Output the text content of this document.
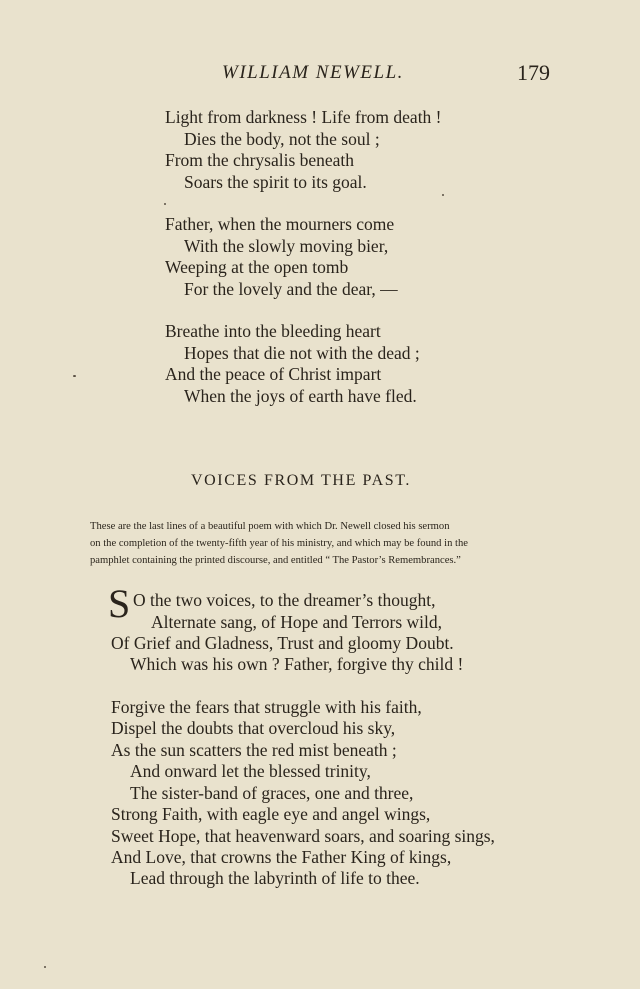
WILLIAM NEWELL.	179
Light from darkness ! Life from death !
Dies the body, not the soul ;
From the chrysalis beneath
Soars the spirit to its goal.
Father, when the mourners come
With the slowly moving bier,
Weeping at the open tomb
For the lovely and the dear, —
Breathe into the bleeding heart
Hopes that die not with the dead ;
And the peace of Christ impart
When the joys of earth have fled.
VOICES FROM THE PAST.
These are the last lines of a beautiful poem with which Dr. Newell closed his sermon
on the completion of the twenty-fifth year of his ministry, and which may be found in the
pamphlet containing the printed discourse, and entitled “ The Pastor’s Remembrances.”
S O the two voices, to the dreamer’s thought,
Alternate sang, of Hope and Terrors wild,
Of Grief and Gladness, Trust and gloomy Doubt.
Which was his own ? Father, forgive thy child !
Forgive the fears that struggle with his faith,
Dispel the doubts that overcloud his sky,
As the sun scatters the red mist beneath ;
And onward let the blessed trinity,
The sister-band of graces, one and three,
Strong Faith, with eagle eye and angel wings,
Sweet Hope, that heavenward soars, and soaring sings,
And Love, that crowns the Father King of kings,
Lead through the labyrinth of life to thee.
